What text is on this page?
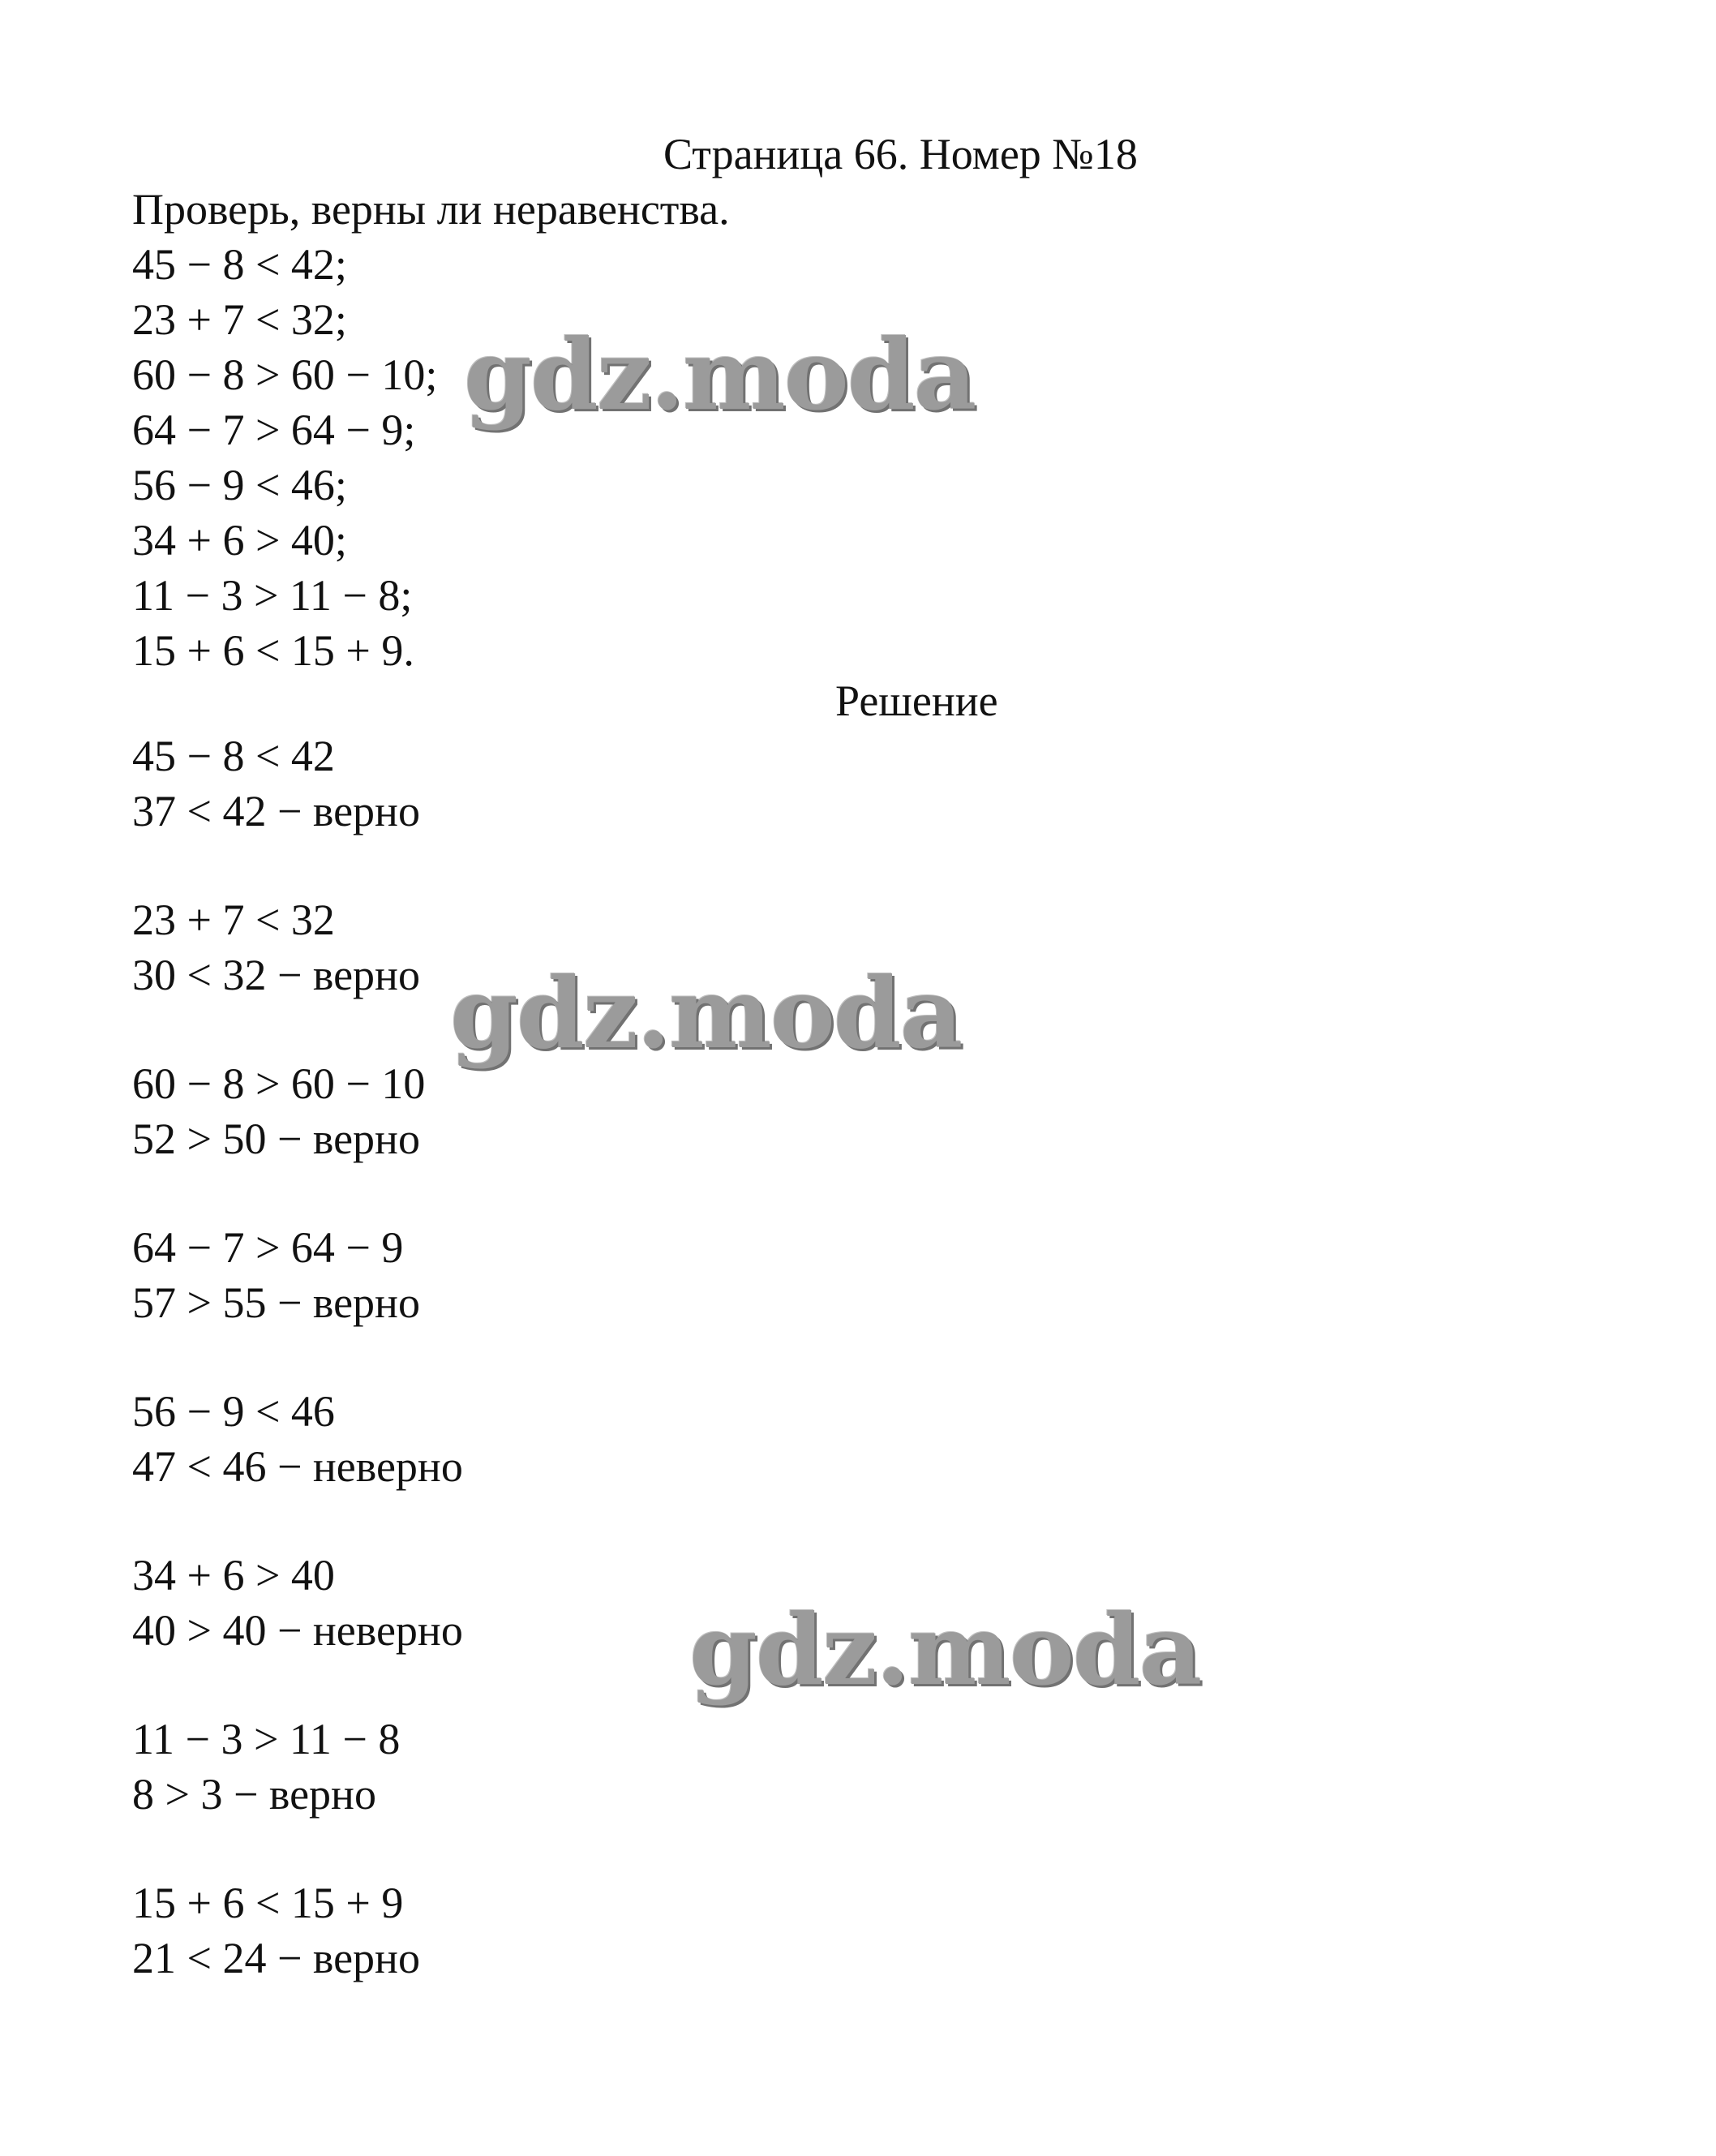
Страница 66. Номер №18
Проверь, верны ли неравенства.
45 − 8 < 42;
23 + 7 < 32;
60 − 8 > 60 − 10;
64 − 7 > 64 − 9;
56 − 9 < 46;
34 + 6 > 40;
11 − 3 > 11 − 8;
15 + 6 < 15 + 9.
Решение
45 − 8 < 42
37 < 42 − верно
23 + 7 < 32
30 < 32 − верно
60 − 8 > 60 − 10
52 > 50 − верно
64 − 7 > 64 − 9
57 > 55 − верно
56 − 9 < 46
47 < 46 − неверно
34 + 6 > 40
40 > 40 − неверно
11 − 3 > 11 − 8
8 > 3 − верно
15 + 6 < 15 + 9
21 < 24 − верно
gdz.moda
gdz.moda
gdz.moda
